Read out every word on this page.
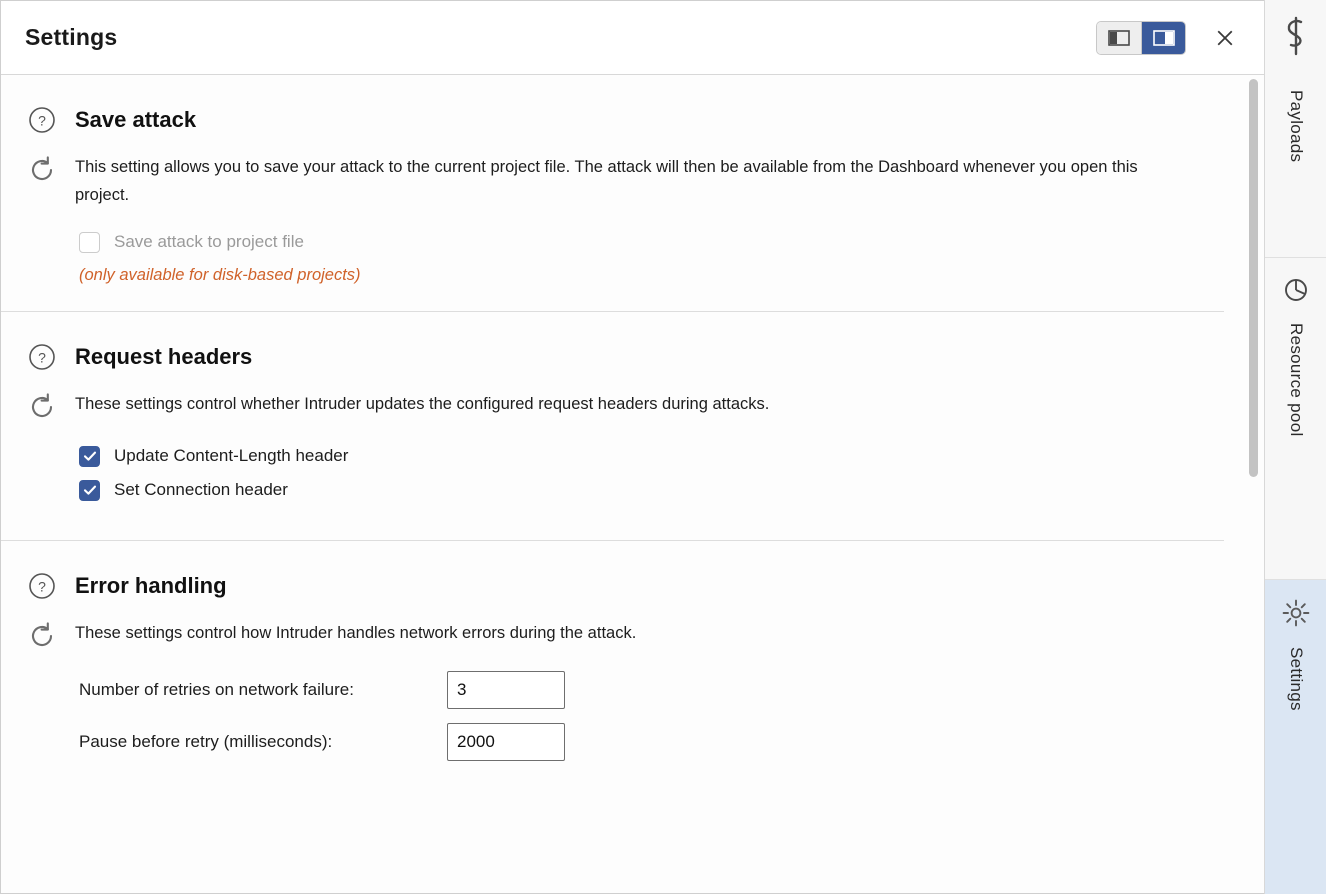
Settings
? Save attack
This setting allows you to save your attack to the current project file. The attack will then be available from the Dashboard whenever you open this project.
Save attack to project file
(only available for disk-based projects)
? Request headers
These settings control whether Intruder updates the configured request headers during attacks.
Update Content-Length header
Set Connection header
? Error handling
These settings control how Intruder handles network errors during the attack.
Number of retries on network failure:
3
Pause before retry (milliseconds):
2000
Payloads
Resource pool
Settings
